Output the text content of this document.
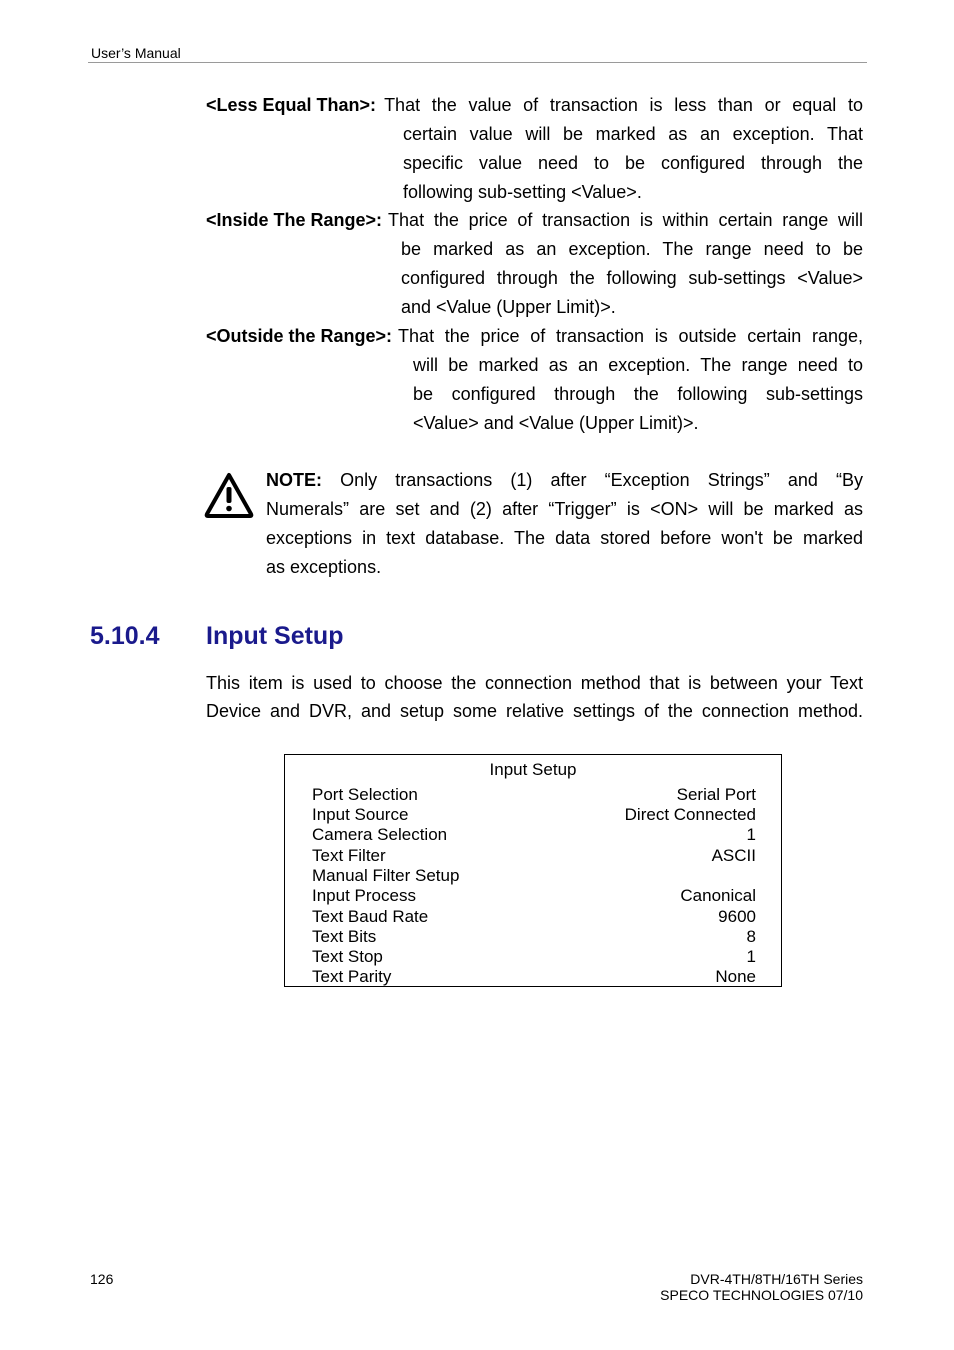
User’s Manual
<Less Equal Than>: That the value of transaction is less than or equal to
certain value will be marked as an exception. That
specific value need to be configured through the
following sub-setting <Value>.
<Inside The Range>: That the price of transaction is within certain range will
be marked as an exception. The range need to be
configured through the following sub-settings <Value>
and <Value (Upper Limit)>.
<Outside the Range>: That the price of transaction is outside certain range,
will be marked as an exception. The range need to
be configured through the following sub-settings
<Value> and <Value (Upper Limit)>.
NOTE: Only transactions (1) after “Exception Strings” and “By
Numerals” are set and (2) after “Trigger” is <ON> will be marked as
exceptions in text database. The data stored before won't be marked
as exceptions.
5.10.4 Input Setup
This item is used to choose the connection method that is between your Text
Device and DVR, and setup some relative settings of the connection method.
Input Setup
Port Selection	Serial Port
Input Source	Direct Connected
Camera Selection	1
Text Filter	ASCII
Manual Filter Setup
Input Process	Canonical
Text Baud Rate	9600
Text Bits	8
Text Stop	1
Text Parity	None
126	DVR-4TH/8TH/16TH Series
SPECO TECHNOLOGIES 07/10
